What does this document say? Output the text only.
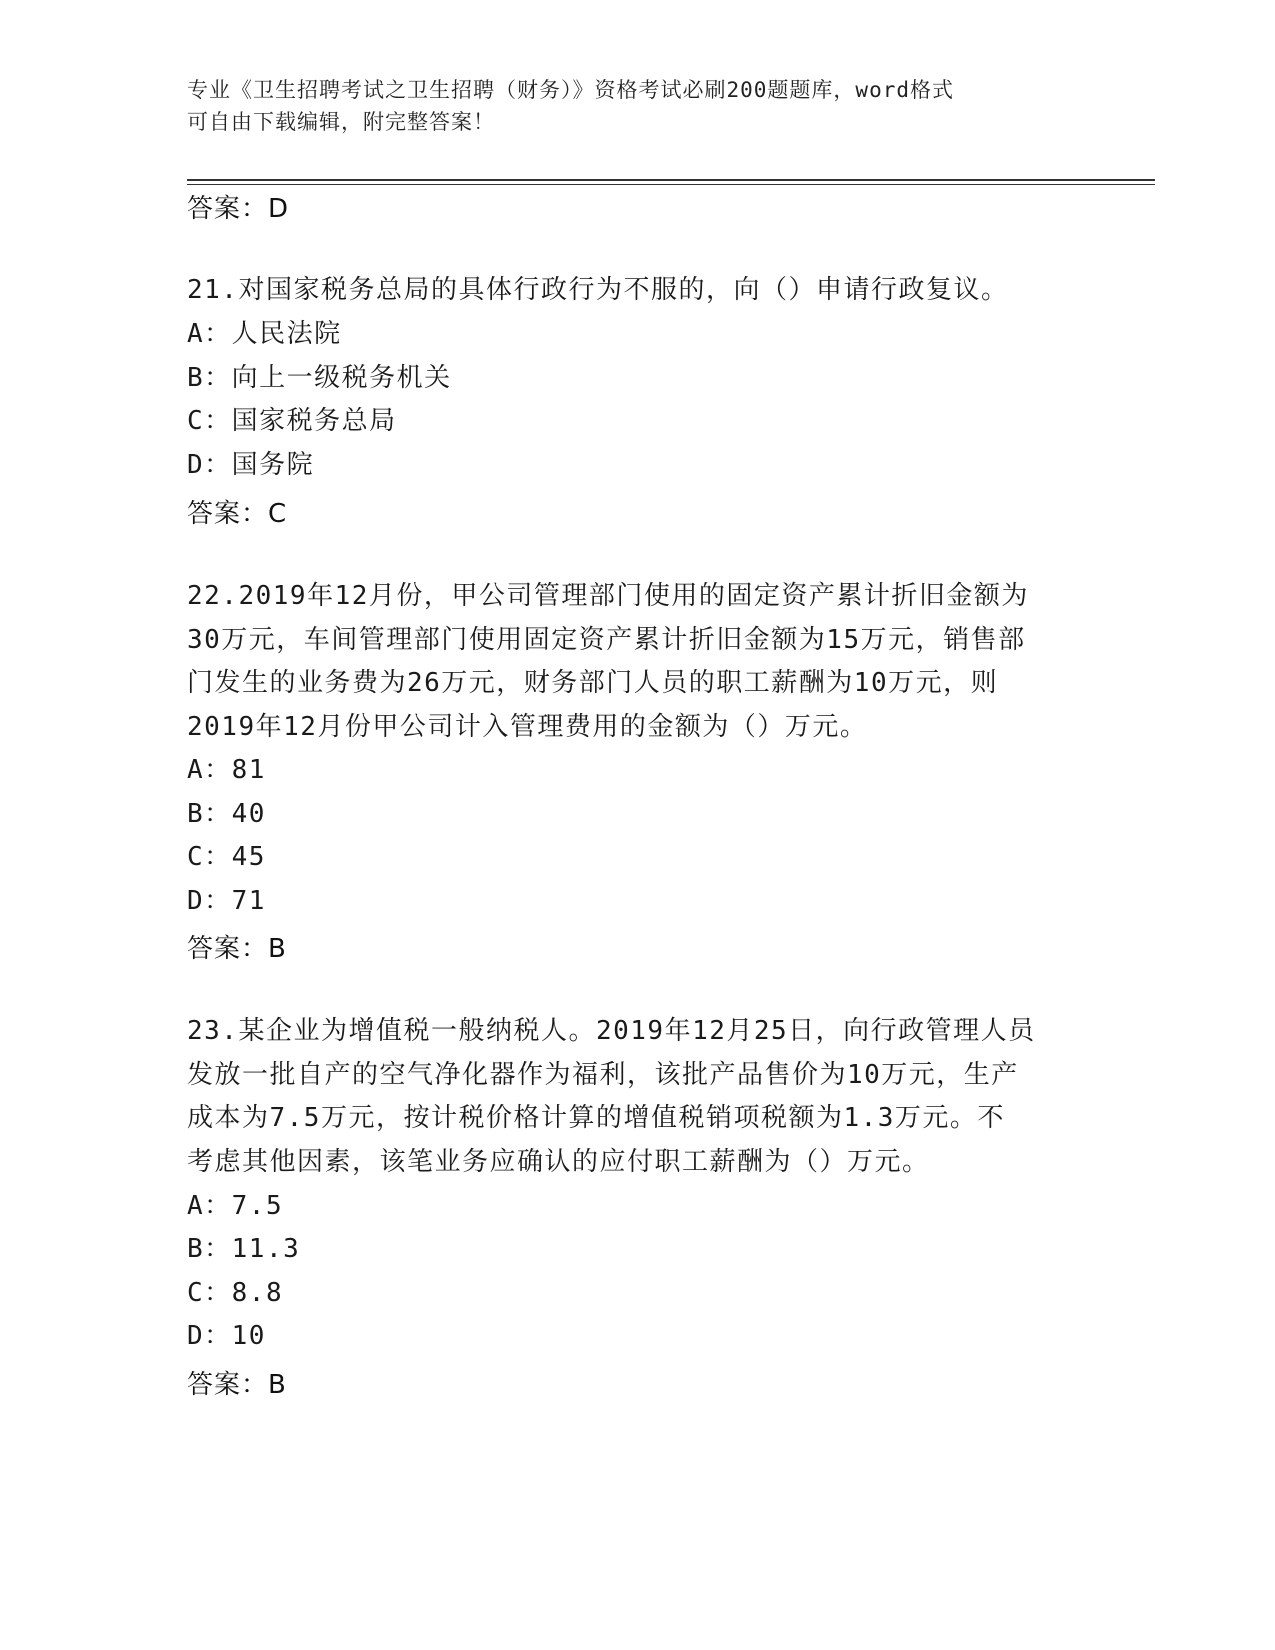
专业《卫生招聘考试之卫生招聘（财务）》资格考试必刷200题题库，word格式
可自由下载编辑，附完整答案！
答案：D
21.对国家税务总局的具体行政行为不服的，向（）申请行政复议。
A：人民法院
B：向上一级税务机关
C：国家税务总局
D：国务院
答案：C
22.2019年12月份，甲公司管理部门使用的固定资产累计折旧金额为
30万元，车间管理部门使用固定资产累计折旧金额为15万元，销售部
门发生的业务费为26万元，财务部门人员的职工薪酬为10万元，则
2019年12月份甲公司计入管理费用的金额为（）万元。
A：81
B：40
C：45
D：71
答案：B
23.某企业为增值税一般纳税人。2019年12月25日，向行政管理人员
发放一批自产的空气净化器作为福利，该批产品售价为10万元，生产
成本为7.5万元，按计税价格计算的增值税销项税额为1.3万元。不
考虑其他因素，该笔业务应确认的应付职工薪酬为（）万元。
A：7.5
B：11.3
C：8.8
D：10
答案：B
